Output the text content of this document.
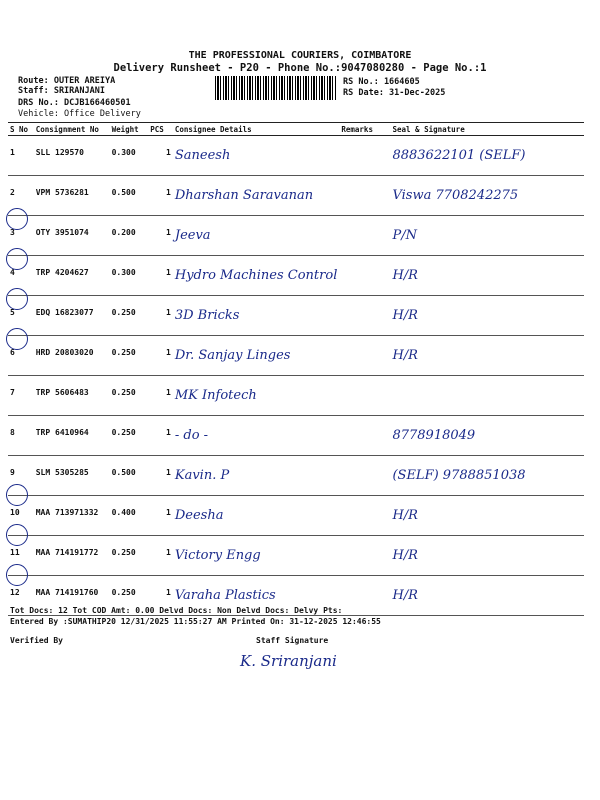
THE PROFESSIONAL COURIERS, COIMBATORE
Delivery Runsheet - P20 - Phone No.:9047080280 - Page No.:1
Route: OUTER AREIYA
Staff: SRIRANJANI
DRS No.: DCJB166460501
Vehicle: Office Delivery
RS No.: 1664605
RS Date: 31-Dec-2025
S No	Consignment No	Weight	PCS	Consignee Details	Remarks	Seal & Signature
1	SLL 129570	0.300	1	Saneesh		8883622101 (SELF)
2	VPM 5736281	0.500	1	Dharshan Saravanan		Viswa 7708242275
3	OTY 3951074	0.200	1	Jeeva		P/N
4	TRP 4204627	0.300	1	Hydro Machines Control		H/R
5	EDQ 16823077	0.250	1	3D Bricks		H/R
6	HRD 20803020	0.250	1	Dr. Sanjay Linges		H/R
7	TRP 5606483	0.250	1	MK Infotech		
8	TRP 6410964	0.250	1	- do -		8778918049
9	SLM 5305285	0.500	1	Kavin. P		(SELF) 9788851038
10	MAA 713971332	0.400	1	Deesha		H/R
11	MAA 714191772	0.250	1	Victory Engg		H/R
12	MAA 714191760	0.250	1	Varaha Plastics		H/R
Tot Docs: 12 Tot COD Amt: 0.00 Delvd Docs: Non Delvd Docs: Delvy Pts:
Entered By :SUMATHIP20 12/31/2025 11:55:27 AM Printed On: 31-12-2025 12:46:55
Verified By	Staff Signature
K. Sriranjani
